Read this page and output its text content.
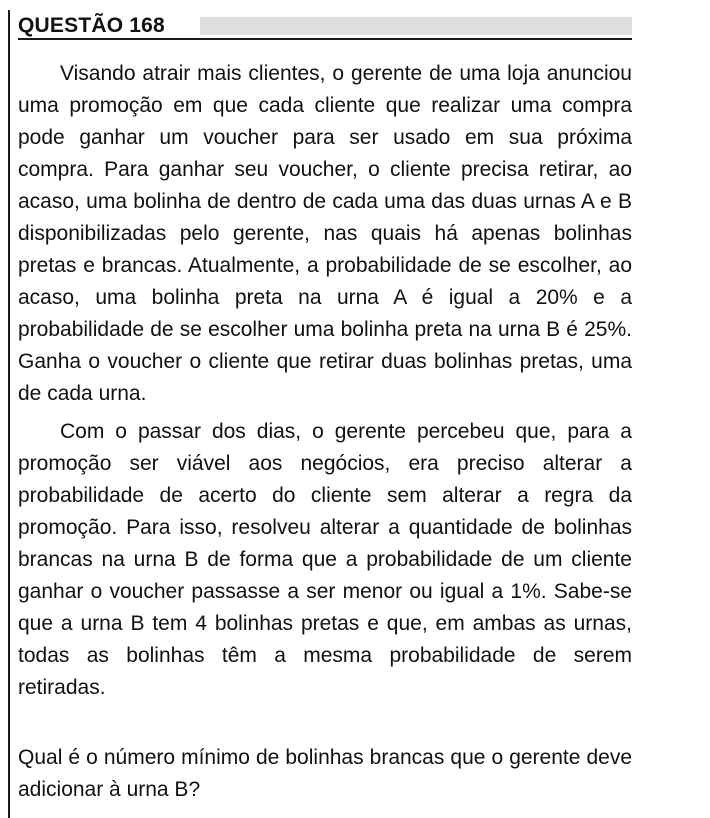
QUESTÃO 168

Visando atrair mais clientes, o gerente de uma loja anunciou uma promoção em que cada cliente que realizar uma compra pode ganhar um voucher para ser usado em sua próxima compra. Para ganhar seu voucher, o cliente precisa retirar, ao acaso, uma bolinha de dentro de cada uma das duas urnas A e B disponibilizadas pelo gerente, nas quais há apenas bolinhas pretas e brancas. Atualmente, a probabilidade de se escolher, ao acaso, uma bolinha preta na urna A é igual a 20% e a probabilidade de se escolher uma bolinha preta na urna B é 25%. Ganha o voucher o cliente que retirar duas bolinhas pretas, uma de cada urna.

Com o passar dos dias, o gerente percebeu que, para a promoção ser viável aos negócios, era preciso alterar a probabilidade de acerto do cliente sem alterar a regra da promoção. Para isso, resolveu alterar a quantidade de bolinhas brancas na urna B de forma que a probabilidade de um cliente ganhar o voucher passasse a ser menor ou igual a 1%. Sabe-se que a urna B tem 4 bolinhas pretas e que, em ambas as urnas, todas as bolinhas têm a mesma probabilidade de serem retiradas.

Qual é o número mínimo de bolinhas brancas que o gerente deve adicionar à urna B?
